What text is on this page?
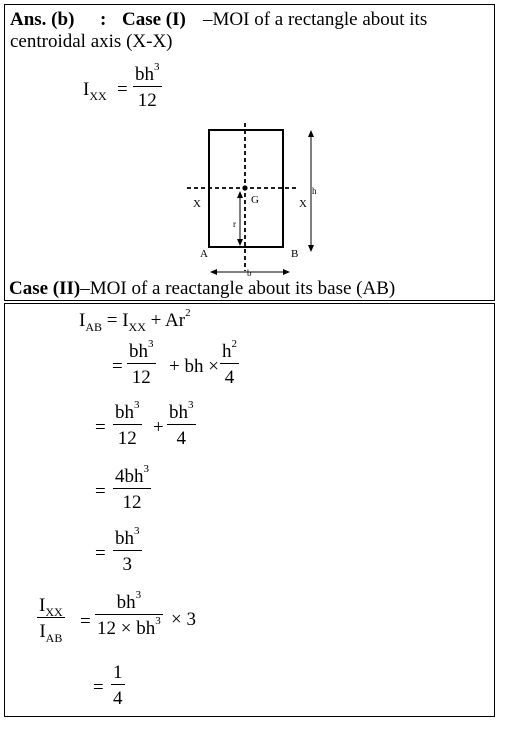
Ans. (b) : Case (I) –MOI of a rectangle about its
centroidal axis (X-X)
$I_{XX} = \frac{bh^3}{12}$
X	X
G
r
h
A	B
b
Case (II)–MOI of a reactangle about its base (AB)
$I_{AB} = I_{XX} + Ar^2$
= $\frac{bh^3}{12}$ + bh × $\frac{h^2}{4}$
= $\frac{bh^3}{12} + \frac{bh^3}{4}$
= $\frac{4bh^3}{12}$
= $\frac{bh^3}{3}$
$I_{XX}$
$I_{AB}$
= $\frac{bh^3}{12 \times bh^3} \times 3$
= $\frac{1}{4}$
